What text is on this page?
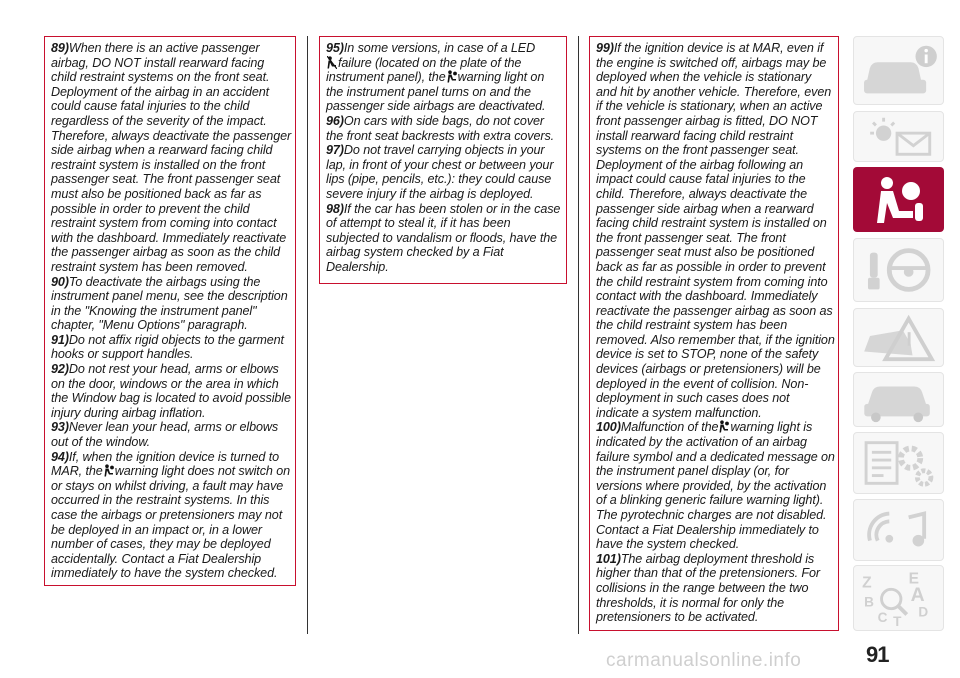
89)When there is an active passenger airbag, DO NOT install rearward facing child restraint systems on the front seat. Deployment of the airbag in an accident could cause fatal injuries to the child regardless of the severity of the impact. Therefore, always deactivate the passenger side airbag when a rearward facing child restraint system is installed on the front passenger seat. The front passenger seat must also be positioned back as far as possible in order to prevent the child restraint system from coming into contact with the dashboard. Immediately reactivate the passenger airbag as soon as the child restraint system has been removed.

90)To deactivate the airbags using the instrument panel menu, see the description in the "Knowing the instrument panel" chapter, "Menu Options" paragraph.

91)Do not affix rigid objects to the garment hooks or support handles.

92)Do not rest your head, arms or elbows on the door, windows or the area in which the Window bag is located to avoid possible injury during airbag inflation.

93)Never lean your head, arms or elbows out of the window.

94)If, when the ignition device is turned to MAR, the warning light does not switch on or stays on whilst driving, a fault may have occurred in the restraint systems. In this case the airbags or pretensioners may not be deployed in an impact or, in a lower number of cases, they may be deployed accidentally. Contact a Fiat Dealership immediately to have the system checked.

95)In some versions, in case of a LED
failure (located on the plate of the instrument panel), the warning light on the instrument panel turns on and the passenger side airbags are deactivated.

96)On cars with side bags, do not cover the front seat backrests with extra covers.

97)Do not travel carrying objects in your lap, in front of your chest or between your lips (pipe, pencils, etc.): they could cause severe injury if the airbag is deployed.

98)If the car has been stolen or in the case of attempt to steal it, if it has been subjected to vandalism or floods, have the airbag system checked by a Fiat Dealership.

99)If the ignition device is at MAR, even if the engine is switched off, airbags may be deployed when the vehicle is stationary and hit by another vehicle. Therefore, even if the vehicle is stationary, when an active front passenger airbag is fitted, DO NOT install rearward facing child restraint systems on the front passenger seat. Deployment of the airbag following an impact could cause fatal injuries to the child. Therefore, always deactivate the passenger side airbag when a rearward facing child restraint system is installed on the front passenger seat. The front passenger seat must also be positioned back as far as possible in order to prevent the child restraint system from coming into contact with the dashboard. Immediately reactivate the passenger airbag as soon as the child restraint system has been removed. Also remember that, if the ignition device is set to STOP, none of the safety devices (airbags or pretensioners) will be deployed in the event of collision. Non-deployment in such cases does not indicate a system malfunction.

100)Malfunction of the warning light is indicated by the activation of an airbag failure symbol and a dedicated message on the instrument panel display (or, for versions where provided, by the activation of a blinking generic failure warning light). The pyrotechnic charges are not disabled. Contact a Fiat Dealership immediately to have the system checked.

101)The airbag deployment threshold is higher than that of the pretensioners. For collisions in the range between the two thresholds, it is normal for only the pretensioners to be activated.

Z E
B A
C D
T
91
carmanualsonline.info
